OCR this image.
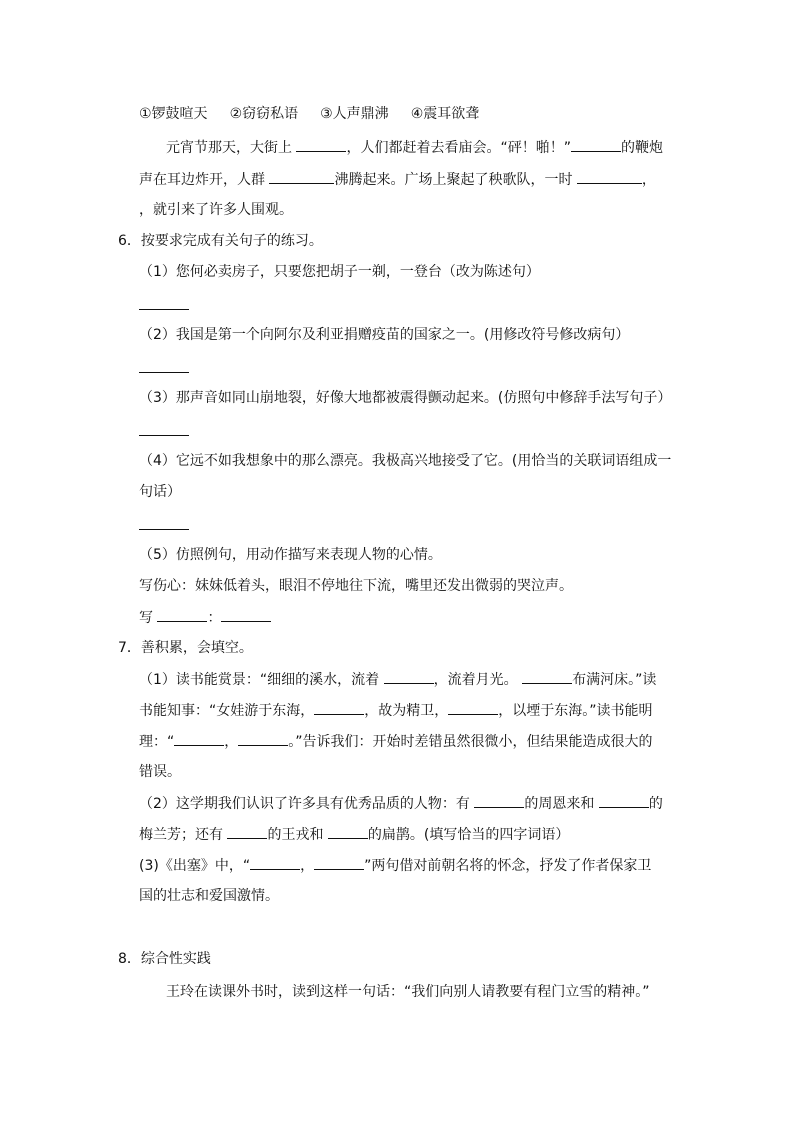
①锣鼓喧天 ②窃窃私语 ③人声鼎沸 ④震耳欲聋
元宵节那天，大街上	，人们都赶着去看庙会。“砰！啪！”	的鞭炮
声在耳边炸开，人群	沸腾起来。广场上聚起了秧歌队，一时	，
，就引来了许多人围观。
6．按要求完成有关句子的练习。
（1）您何必卖房子，只要您把胡子一剃，一登台（改为陈述句）
（2）我国是第一个向阿尔及利亚捐赠疫苗的国家之一。(用修改符号修改病句）
（3）那声音如同山崩地裂，好像大地都被震得颤动起来。(仿照句中修辞手法写句子）
（4）它远不如我想象中的那么漂亮。我极高兴地接受了它。(用恰当的关联词语组成一
句话）
（5）仿照例句，用动作描写来表现人物的心情。
写伤心：妹妹低着头，眼泪不停地往下流，嘴里还发出微弱的哭泣声。
写	：
7．善积累，会填空。
（1）读书能赏景：“细细的溪水，流着	，流着月光。	布满河床。”读
书能知事：“女娃游于东海，	，故为精卫，	，以堙于东海。”读书能明
理：“	，	。”告诉我们：开始时差错虽然很微小，但结果能造成很大的
错误。
（2）这学期我们认识了许多具有优秀品质的人物：有	的周恩来和	的
梅兰芳；还有	的王戎和	的扁鹊。(填写恰当的四字词语）
(3)《出塞》中，“	，	”两句借对前朝名将的怀念，抒发了作者保家卫
国的壮志和爱国激情。
8．综合性实践
王玲在读课外书时，读到这样一句话：“我们向别人请教要有程门立雪的精神。”
